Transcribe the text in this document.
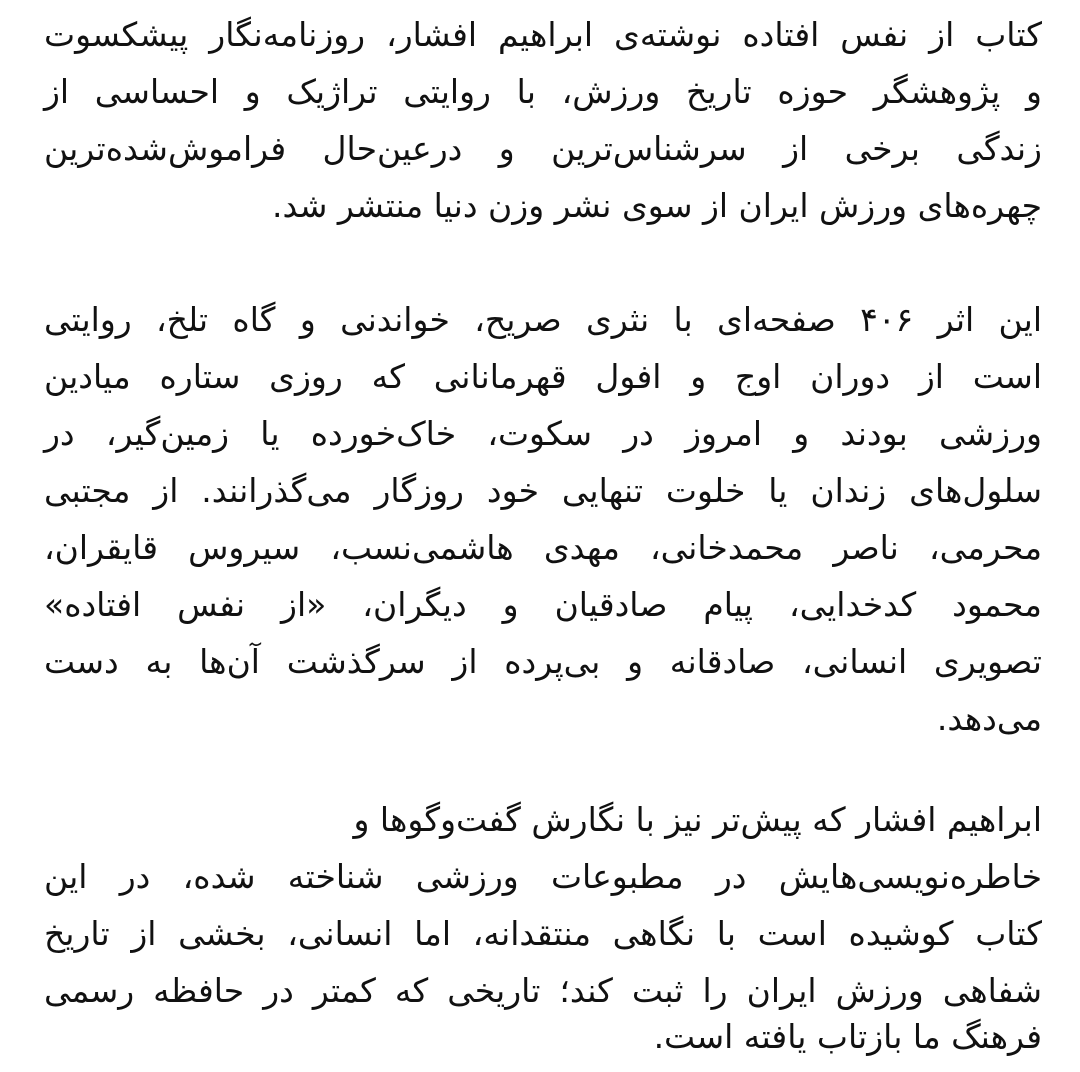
کتاب از نفس افتاده نوشته‌ی ابراهیم افشار، روزنامه‌نگار پیشکسوت
و پژوهشگر حوزه تاریخ ورزش، با روایتی تراژیک و احساسی از
زندگی برخی از سرشناس‌ترین و درعین‌حال فراموش‌شده‌ترین
چهره‌های ورزش ایران از سوی نشر وزن دنیا منتشر شد.
این اثر ۴۰۶ صفحه‌ای با نثری صریح، خواندنی و گاه تلخ، روایتی
است از دوران اوج و افول قهرمانانی که روزی ستاره میادین
ورزشی بودند و امروز در سکوت، خاک‌خورده یا زمین‌گیر، در
سلول‌های زندان یا خلوت تنهایی خود روزگار می‌گذرانند. از مجتبی
محرمی، ناصر محمدخانی، مهدی هاشمی‌نسب، سیروس قایقران،
محمود کدخدایی، پیام صادقیان و دیگران، «از نفس افتاده»
تصویری انسانی، صادقانه و بی‌پرده از سرگذشت آن‌ها به دست
می‌دهد.
ابراهیم افشار که پیش‌تر نیز با نگارش گفت‌وگوها و
خاطره‌نویسی‌هایش در مطبوعات ورزشی شناخته شده، در این
کتاب کوشیده است با نگاهی منتقدانه، اما انسانی، بخشی از تاریخ
شفاهی ورزش ایران را ثبت کند؛ تاریخی که کمتر در حافظه رسمی
فرهنگ ما بازتاب یافته است.
